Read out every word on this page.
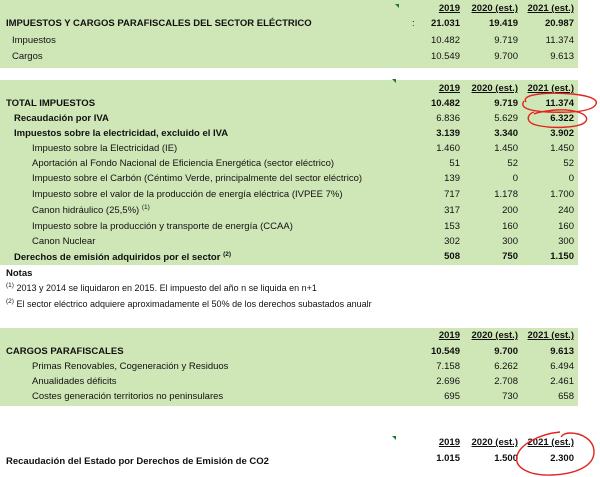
2019	2020 (est.)	2021 (est.)
IMPUESTOS Y CARGOS PARAFISCALES DEL SECTOR ELÉCTRICO	:	21.031	19.419	20.987
Impuestos	10.482	9.719	11.374
Cargos	10.549	9.700	9.613
2019	2020 (est.)	2021 (est.)
TOTAL IMPUESTOS	10.482	9.719	11.374
Recaudación por IVA	6.836	5.629	6.322
Impuestos sobre la electricidad, excluido el IVA	3.139	3.340	3.902
Impuesto sobre la Electricidad (IE)	1.460	1.450	1.450
Aportación al Fondo Nacional de Eficiencia Energética (sector eléctrico)	51	52	52
Impuesto sobre el Carbón (Céntimo Verde, principalmente del sector eléctrico)	139	0	0
Impuesto sobre el valor de la producción de energía eléctrica (IVPEE 7%)	717	1.178	1.700
Canon hidráulico (25,5%) $^{(1)}$	317	200	240
Impuesto sobre la producción y transporte de energía (CCAA)	153	160	160
Canon Nuclear	302	300	300
Derechos de emisión adquiridos por el sector $^{(2)}$	508	750	1.150
Notas
$^{(1)}$ 2013 y 2014 se liquidaron en 2015. El impuesto del año n se liquida en n+1
$^{(2)}$ El sector eléctrico adquiere aproximadamente el 50% de los derechos subastados anualr
2019	2020 (est.)	2021 (est.)
CARGOS PARAFISCALES	10.549	9.700	9.613
Primas Renovables, Cogeneración y Residuos	7.158	6.262	6.494
Anualidades déficits	2.696	2.708	2.461
Costes generación territorios no peninsulares	695	730	658
2019	2020 (est.)	2021 (est.)
Recaudación del Estado por Derechos de Emisión de CO2	1.015	1.500	2.300
